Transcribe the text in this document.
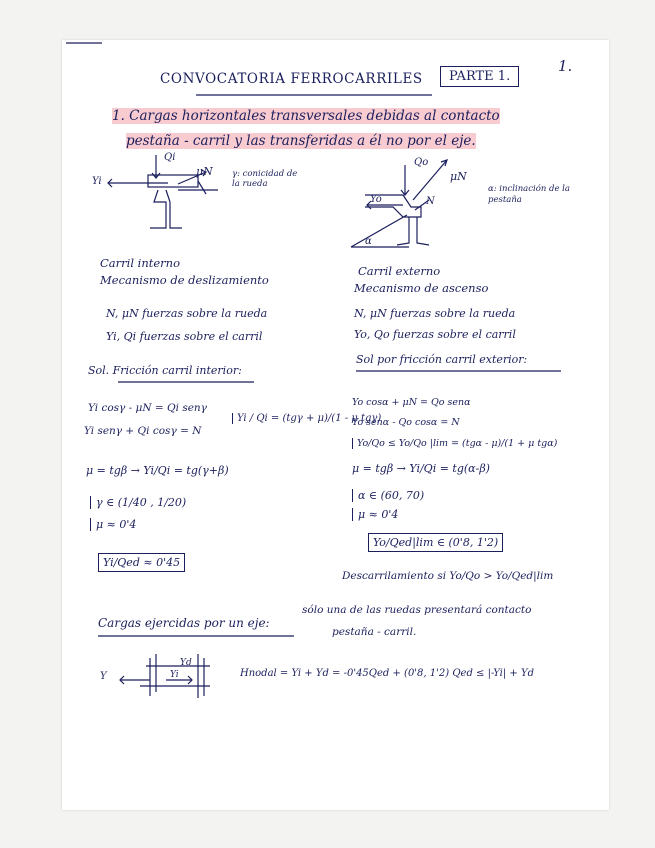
1.
CONVOCATORIA FERROCARRILES	PARTE 1.
1. Cargas horizontales transversales debidas al contacto
pestaña - carril y las transferidas a él no por el eje.
Qi
Yi
μN γ: conicidad de la rueda
Qo
Yo
μN
N
α
α: inclinación de la pestaña
Carril interno
Mecanismo de deslizamiento
N, μN fuerzas sobre la rueda
Yi, Qi fuerzas sobre el carril
Sol. Fricción carril interior:
Yi cosγ - μN = Qi senγ
Yi senγ + Qi cosγ = N
Yi / Qi = (tgγ + μ)/(1 - μ tgγ)
μ = tgβ → Yi/Qi = tg(γ+β)
γ ∈ (1/40 , 1/20)
μ ≈ 0'4
Yi/Qed ≈ 0'45
Carril externo
Mecanismo de ascenso
N, μN fuerzas sobre la rueda
Yo, Qo fuerzas sobre el carril
Sol por fricción carril exterior:
Yo cosα + μN = Qo senα
Yo senα - Qo cosα = N
Yo/Qo ≤ Yo/Qo |lim = (tgα - μ)/(1 + μ tgα)
μ = tgβ → Yi/Qi = tg(α-β)
α ∈ (60, 70)
μ ≈ 0'4
Yo/Qed|lim ∈ (0'8, 1'2)
Descarrilamiento si Yo/Qo > Yo/Qed|lim
Cargas ejercidas por un eje:
sólo una de las ruedas presentará contacto
pestaña - carril.
Y	Yi
Yd
Hnodal = Yi + Yd = -0'45Qed + (0'8, 1'2) Qed ≤ |-Yi| + Yd
